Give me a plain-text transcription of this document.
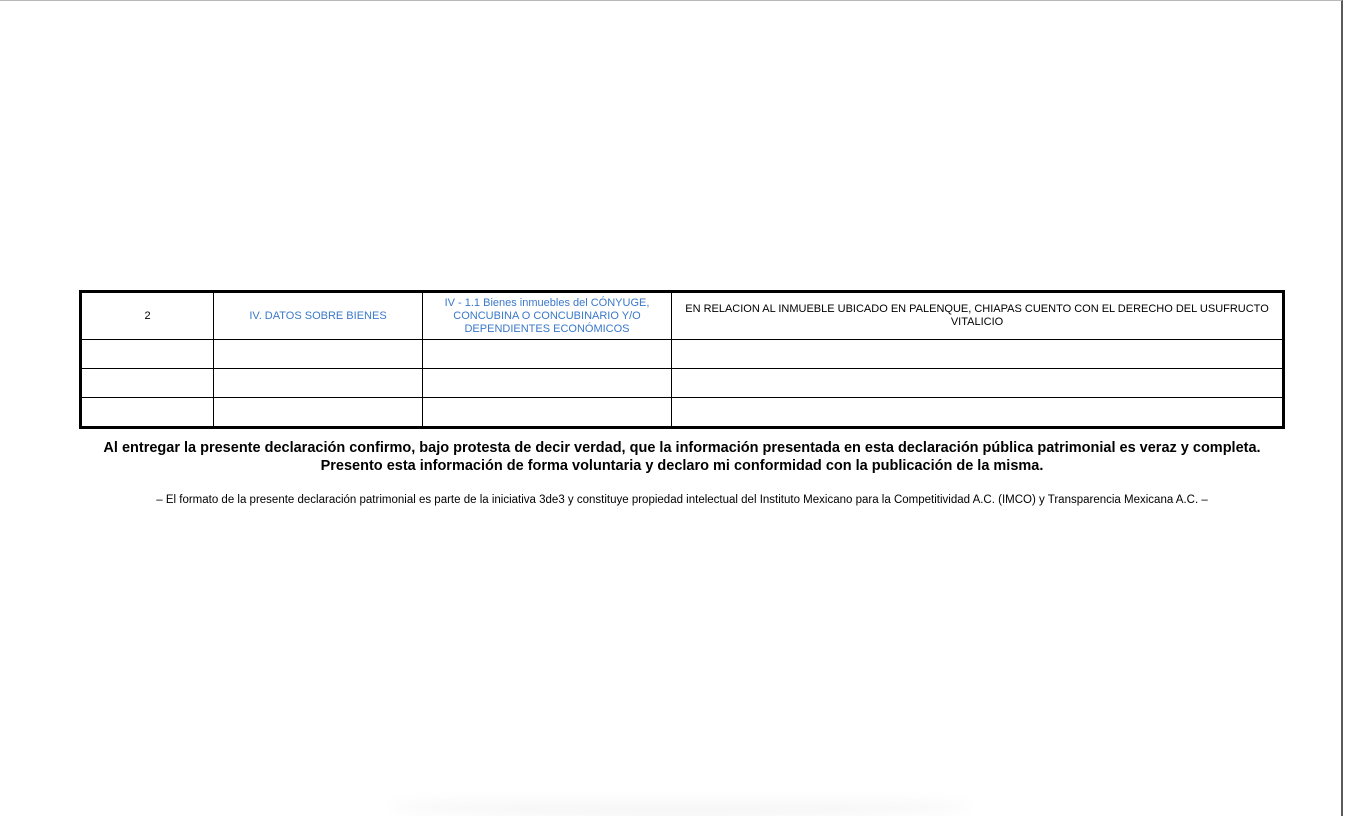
2	IV. DATOS SOBRE BIENES	IV - 1.1 Bienes inmuebles del CÓNYUGE, CONCUBINA O CONCUBINARIO Y/O DEPENDIENTES ECONÓMICOS	EN RELACION AL INMUEBLE UBICADO EN PALENQUE, CHIAPAS CUENTO CON EL DERECHO DEL USUFRUCTO VITALICIO

Al entregar la presente declaración confirmo, bajo protesta de decir verdad, que la información presentada en esta declaración pública patrimonial es veraz y completa.

Presento esta información de forma voluntaria y declaro mi conformidad con la publicación de la misma.

– El formato de la presente declaración patrimonial es parte de la iniciativa 3de3 y constituye propiedad intelectual del Instituto Mexicano para la Competitividad A.C. (IMCO) y Transparencia Mexicana A.C. –
